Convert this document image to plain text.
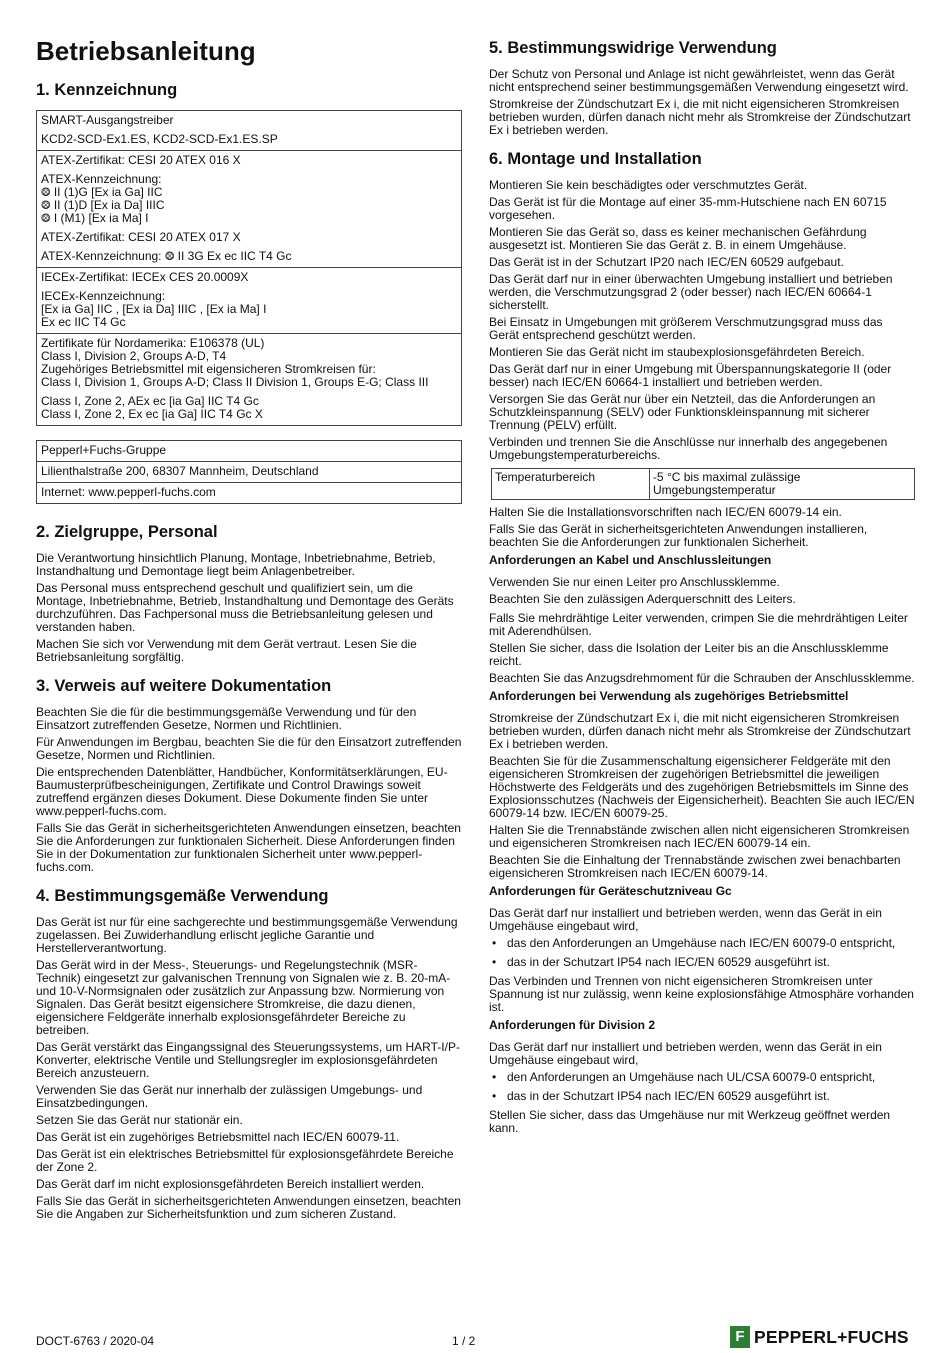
Betriebsanleitung
1. Kennzeichnung

SMART-Ausgangstreiber

KCD2-SCD-Ex1.ES, KCD2-SCD-Ex1.ES.SP

ATEX-Zertifikat: CESI 20 ATEX 016 X

ATEX-Kennzeichnung:
⨷ II (1)G [Ex ia Ga] IIC
⨷ II (1)D [Ex ia Da] IIIC
⨷ I (M1) [Ex ia Ma] I

ATEX-Zertifikat: CESI 20 ATEX 017 X

ATEX-Kennzeichnung: ⨷ II 3G Ex ec IIC T4 Gc

IECEx-Zertifikat: IECEx CES 20.0009X

IECEx-Kennzeichnung:
[Ex ia Ga] IIC , [Ex ia Da] IIIC , [Ex ia Ma] I
Ex ec IIC T4 Gc

Zertifikate für Nordamerika: E106378 (UL)
Class I, Division 2, Groups A-D, T4
Zugehöriges Betriebsmittel mit eigensicheren Stromkreisen für:
Class I, Division 1, Groups A-D; Class II Division 1, Groups E-G; Class III

Class I, Zone 2, AEx ec [ia Ga] IIC T4 Gc
Class I, Zone 2, Ex ec [ia Ga] IIC T4 Gc X

Pepperl+Fuchs-Gruppe

Lilienthalstraße 200, 68307 Mannheim, Deutschland

Internet: www.pepperl-fuchs.com

2. Zielgruppe, Personal

Die Verantwortung hinsichtlich Planung, Montage, Inbetriebnahme, Betrieb, Instandhaltung und Demontage liegt beim Anlagenbetreiber.

Das Personal muss entsprechend geschult und qualifiziert sein, um die Montage, Inbetriebnahme, Betrieb, Instandhaltung und Demontage des Geräts durchzuführen. Das Fachpersonal muss die Betriebsanleitung gelesen und verstanden haben.

Machen Sie sich vor Verwendung mit dem Gerät vertraut. Lesen Sie die Betriebsanleitung sorgfältig.

3. Verweis auf weitere Dokumentation

Beachten Sie die für die bestimmungsgemäße Verwendung und für den Einsatzort zutreffenden Gesetze, Normen und Richtlinien.

Für Anwendungen im Bergbau, beachten Sie die für den Einsatzort zutreffenden Gesetze, Normen und Richtlinien.

Die entsprechenden Datenblätter, Handbücher, Konformitätserklärungen, EU-Baumusterprüfbescheinigungen, Zertifikate und Control Drawings soweit zutreffend ergänzen dieses Dokument. Diese Dokumente finden Sie unter www.pepperl-fuchs.com.

Falls Sie das Gerät in sicherheitsgerichteten Anwendungen einsetzen, beachten Sie die Anforderungen zur funktionalen Sicherheit. Diese Anforderungen finden Sie in der Dokumentation zur funktionalen Sicherheit unter www.pepperl-fuchs.com.

4. Bestimmungsgemäße Verwendung

Das Gerät ist nur für eine sachgerechte und bestimmungsgemäße Verwendung zugelassen. Bei Zuwiderhandlung erlischt jegliche Garantie und Herstellerverantwortung.

Das Gerät wird in der Mess-, Steuerungs- und Regelungstechnik (MSR-Technik) eingesetzt zur galvanischen Trennung von Signalen wie z. B. 20-mA- und 10-V-Normsignalen oder zusätzlich zur Anpassung bzw. Normierung von Signalen. Das Gerät besitzt eigensichere Stromkreise, die dazu dienen, eigensichere Feldgeräte innerhalb explosionsgefährdeter Bereiche zu betreiben.

Das Gerät verstärkt das Eingangssignal des Steuerungssystems, um HART-I/P-Konverter, elektrische Ventile und Stellungsregler im explosionsgefährdeten Bereich anzusteuern.

Verwenden Sie das Gerät nur innerhalb der zulässigen Umgebungs- und Einsatzbedingungen.

Setzen Sie das Gerät nur stationär ein.

Das Gerät ist ein zugehöriges Betriebsmittel nach IEC/EN 60079-11.

Das Gerät ist ein elektrisches Betriebsmittel für explosionsgefährdete Bereiche der Zone 2.

Das Gerät darf im nicht explosionsgefährdeten Bereich installiert werden.

Falls Sie das Gerät in sicherheitsgerichteten Anwendungen einsetzen, beachten Sie die Angaben zur Sicherheitsfunktion und zum sicheren Zustand.

5. Bestimmungswidrige Verwendung

Der Schutz von Personal und Anlage ist nicht gewährleistet, wenn das Gerät nicht entsprechend seiner bestimmungsgemäßen Verwendung eingesetzt wird.

Stromkreise der Zündschutzart Ex i, die mit nicht eigensicheren Stromkreisen betrieben wurden, dürfen danach nicht mehr als Stromkreise der Zündschutzart Ex i betrieben werden.

6. Montage und Installation

Montieren Sie kein beschädigtes oder verschmutztes Gerät.

Das Gerät ist für die Montage auf einer 35-mm-Hutschiene nach EN 60715 vorgesehen.

Montieren Sie das Gerät so, dass es keiner mechanischen Gefährdung ausgesetzt ist. Montieren Sie das Gerät z. B. in einem Umgehäuse.

Das Gerät ist in der Schutzart IP20 nach IEC/EN 60529 aufgebaut.

Das Gerät darf nur in einer überwachten Umgebung installiert und betrieben werden, die Verschmutzungsgrad 2 (oder besser) nach IEC/EN 60664-1 sicherstellt.

Bei Einsatz in Umgebungen mit größerem Verschmutzungsgrad muss das Gerät entsprechend geschützt werden.

Montieren Sie das Gerät nicht im staubexplosionsgefährdeten Bereich.

Das Gerät darf nur in einer Umgebung mit Überspannungskategorie II (oder besser) nach IEC/EN 60664-1 installiert und betrieben werden.

Versorgen Sie das Gerät nur über ein Netzteil, das die Anforderungen an Schutzkleinspannung (SELV) oder Funktionskleinspannung mit sicherer Trennung (PELV) erfüllt.

Verbinden und trennen Sie die Anschlüsse nur innerhalb des angegebenen Umgebungstemperaturbereichs.

Temperaturbereich	-5 °C bis maximal zulässige Umgebungstemperatur

Halten Sie die Installationsvorschriften nach IEC/EN 60079-14 ein.

Falls Sie das Gerät in sicherheitsgerichteten Anwendungen installieren, beachten Sie die Anforderungen zur funktionalen Sicherheit.

Anforderungen an Kabel und Anschlussleitungen

Verwenden Sie nur einen Leiter pro Anschlussklemme.

Beachten Sie den zulässigen Aderquerschnitt des Leiters.

Falls Sie mehrdrähtige Leiter verwenden, crimpen Sie die mehrdrähtigen Leiter mit Aderendhülsen.

Stellen Sie sicher, dass die Isolation der Leiter bis an die Anschlussklemme reicht.

Beachten Sie das Anzugsdrehmoment für die Schrauben der Anschlussklemme.

Anforderungen bei Verwendung als zugehöriges Betriebsmittel

Stromkreise der Zündschutzart Ex i, die mit nicht eigensicheren Stromkreisen betrieben wurden, dürfen danach nicht mehr als Stromkreise der Zündschutzart Ex i betrieben werden.

Beachten Sie für die Zusammenschaltung eigensicherer Feldgeräte mit den eigensicheren Stromkreisen der zugehörigen Betriebsmittel die jeweiligen Höchstwerte des Feldgeräts und des zugehörigen Betriebsmittels im Sinne des Explosionsschutzes (Nachweis der Eigensicherheit). Beachten Sie auch IEC/EN 60079-14 bzw. IEC/EN 60079-25.

Halten Sie die Trennabstände zwischen allen nicht eigensicheren Stromkreisen und eigensicheren Stromkreisen nach IEC/EN 60079-14 ein.

Beachten Sie die Einhaltung der Trennabstände zwischen zwei benachbarten eigensicheren Stromkreisen nach IEC/EN 60079-14.

Anforderungen für Geräteschutzniveau Gc

Das Gerät darf nur installiert und betrieben werden, wenn das Gerät in ein Umgehäuse eingebaut wird,

• das den Anforderungen an Umgehäuse nach IEC/EN 60079-0 entspricht,
• das in der Schutzart IP54 nach IEC/EN 60529 ausgeführt ist.

Das Verbinden und Trennen von nicht eigensicheren Stromkreisen unter Spannung ist nur zulässig, wenn keine explosionsfähige Atmosphäre vorhanden ist.

Anforderungen für Division 2

Das Gerät darf nur installiert und betrieben werden, wenn das Gerät in ein Umgehäuse eingebaut wird,

• den Anforderungen an Umgehäuse nach UL/CSA 60079-0 entspricht,
• das in der Schutzart IP54 nach IEC/EN 60529 ausgeführt ist.

Stellen Sie sicher, dass das Umgehäuse nur mit Werkzeug geöffnet werden kann.

DOCT-6763 / 2020-04	1 / 2	F PEPPERL+FUCHS
